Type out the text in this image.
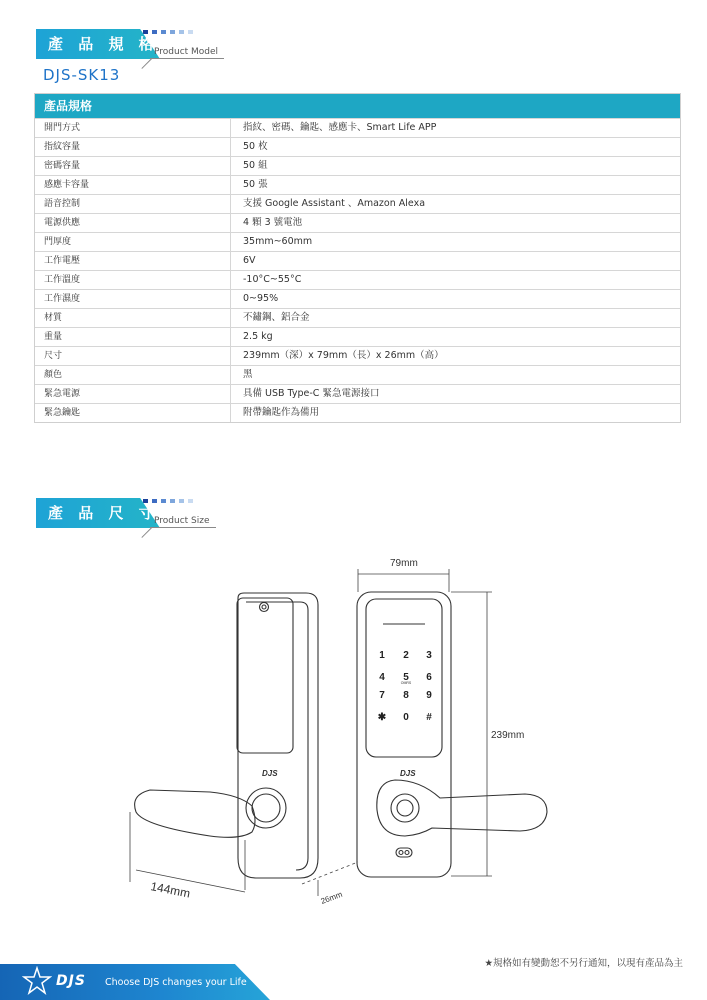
產 品 規 格
Product Model
DJS-SK13
產品規格
開門方式	指紋、密碼、鑰匙、感應卡、Smart Life APP
指紋容量	50 枚
密碼容量	50 組
感應卡容量	50 張
語音控制	支援 Google Assistant 、Amazon Alexa
電源供應	4 顆 3 號電池
門厚度	35mm~60mm
工作電壓	6V
工作溫度	-10°C~55°C
工作濕度	0~95%
材質	不鏽鋼、鋁合金
重量	2.5 kg
尺寸	239mm（深）x 79mm（長）x 26mm（高）
顏色	黑
緊急電源	具備 USB Type-C 緊急電源接口
緊急鑰匙	附帶鑰匙作為備用
產 品 尺 寸
Product Size
DJS	DJS
1 2 3
4 5 6
7 8 9
✱ 0 #
OMRS
79mm
239mm
144mm	26mm
★規格如有變動恕不另行通知，以現有產品為主
DJS Choose DJS changes your Life
